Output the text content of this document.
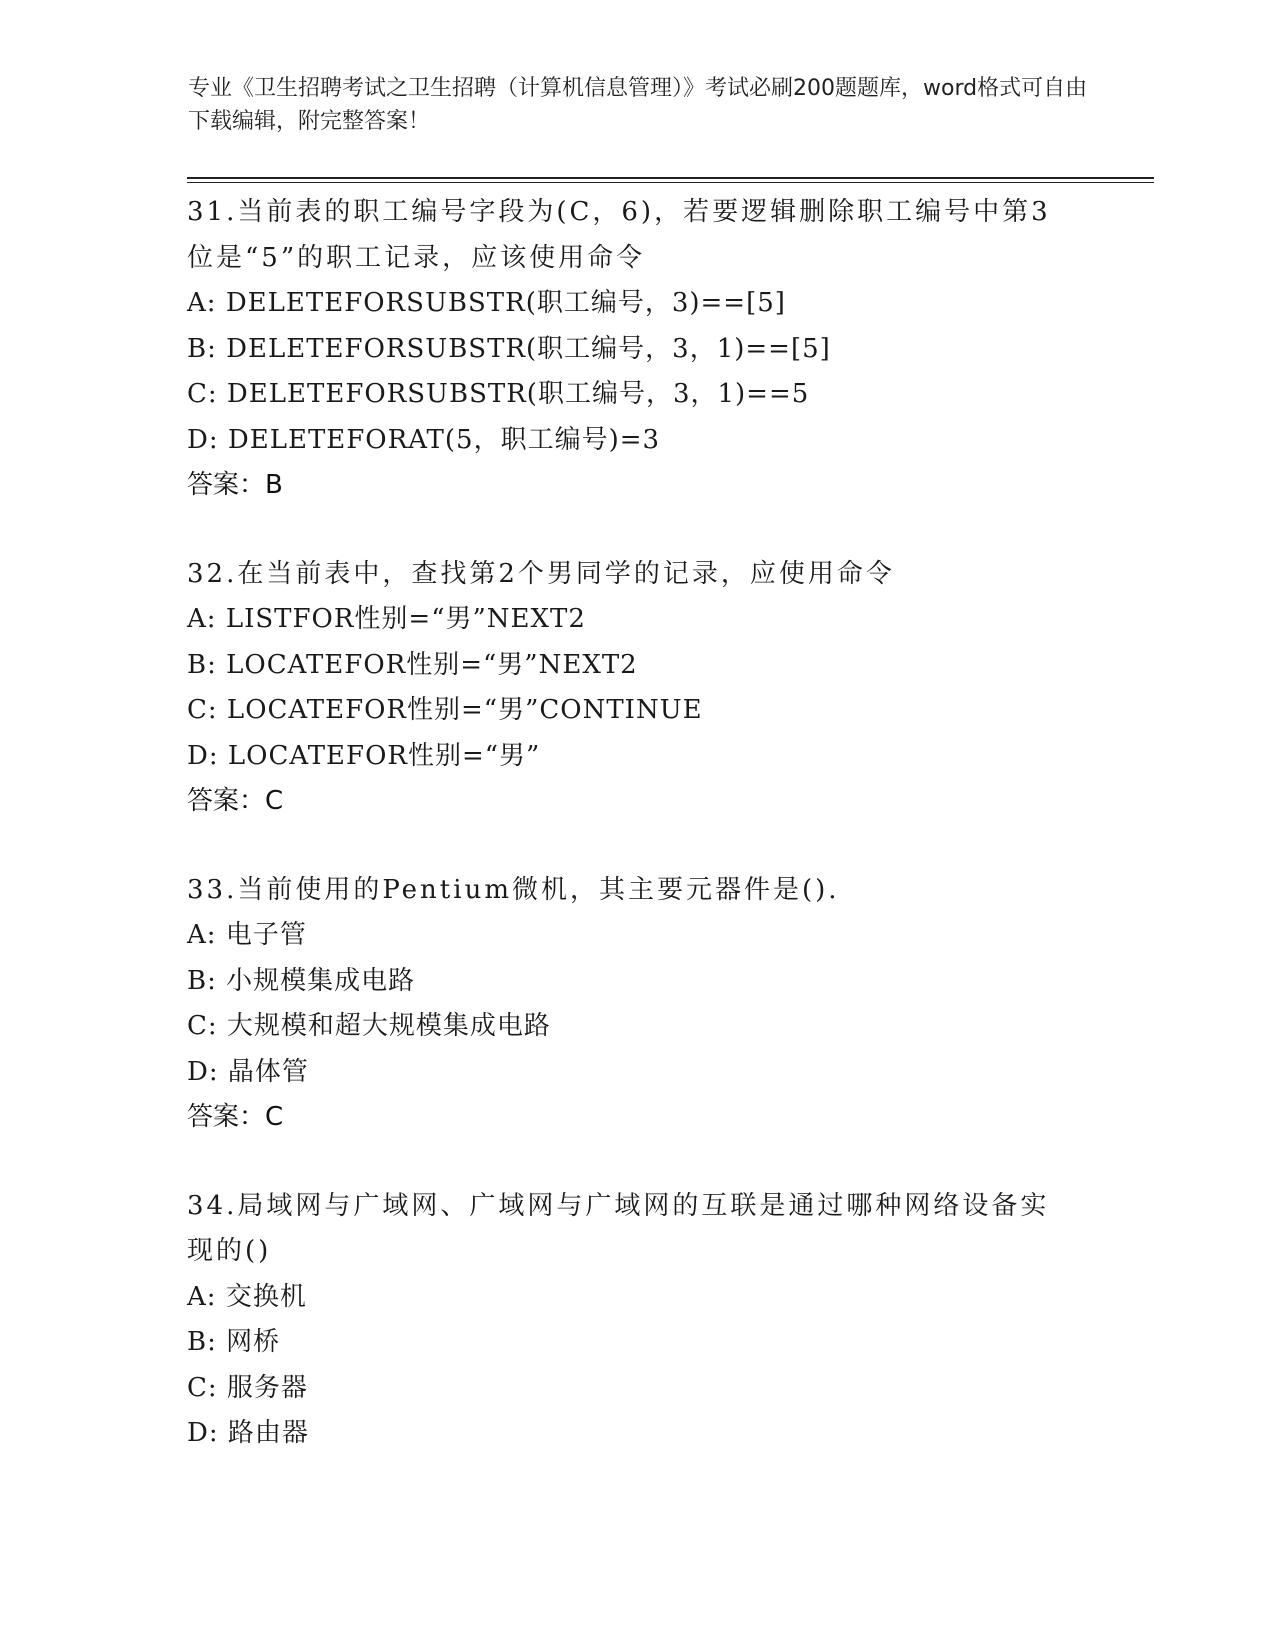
专业《卫生招聘考试之卫生招聘（计算机信息管理）》考试必刷200题题库，word格式可自由下载编辑，附完整答案！
31.当前表的职工编号字段为(C，6)，若要逻辑删除职工编号中第3位是“5”的职工记录，应该使用命令
A: DELETEFORSUBSTR(职工编号，3)==[5]
B: DELETEFORSUBSTR(职工编号，3，1)==[5]
C: DELETEFORSUBSTR(职工编号，3，1)==5
D: DELETEFORAT(5，职工编号)=3
答案：B
32.在当前表中，查找第2个男同学的记录，应使用命令
A: LISTFOR性别=“男”NEXT2
B: LOCATEFOR性别=“男”NEXT2
C: LOCATEFOR性别=“男”CONTINUE
D: LOCATEFOR性别=“男”
答案：C
33.当前使用的Pentium微机，其主要元器件是().
A: 电子管
B: 小规模集成电路
C: 大规模和超大规模集成电路
D: 晶体管
答案：C
34.局域网与广域网、广域网与广域网的互联是通过哪种网络设备实现的()
A: 交换机
B: 网桥
C: 服务器
D: 路由器
